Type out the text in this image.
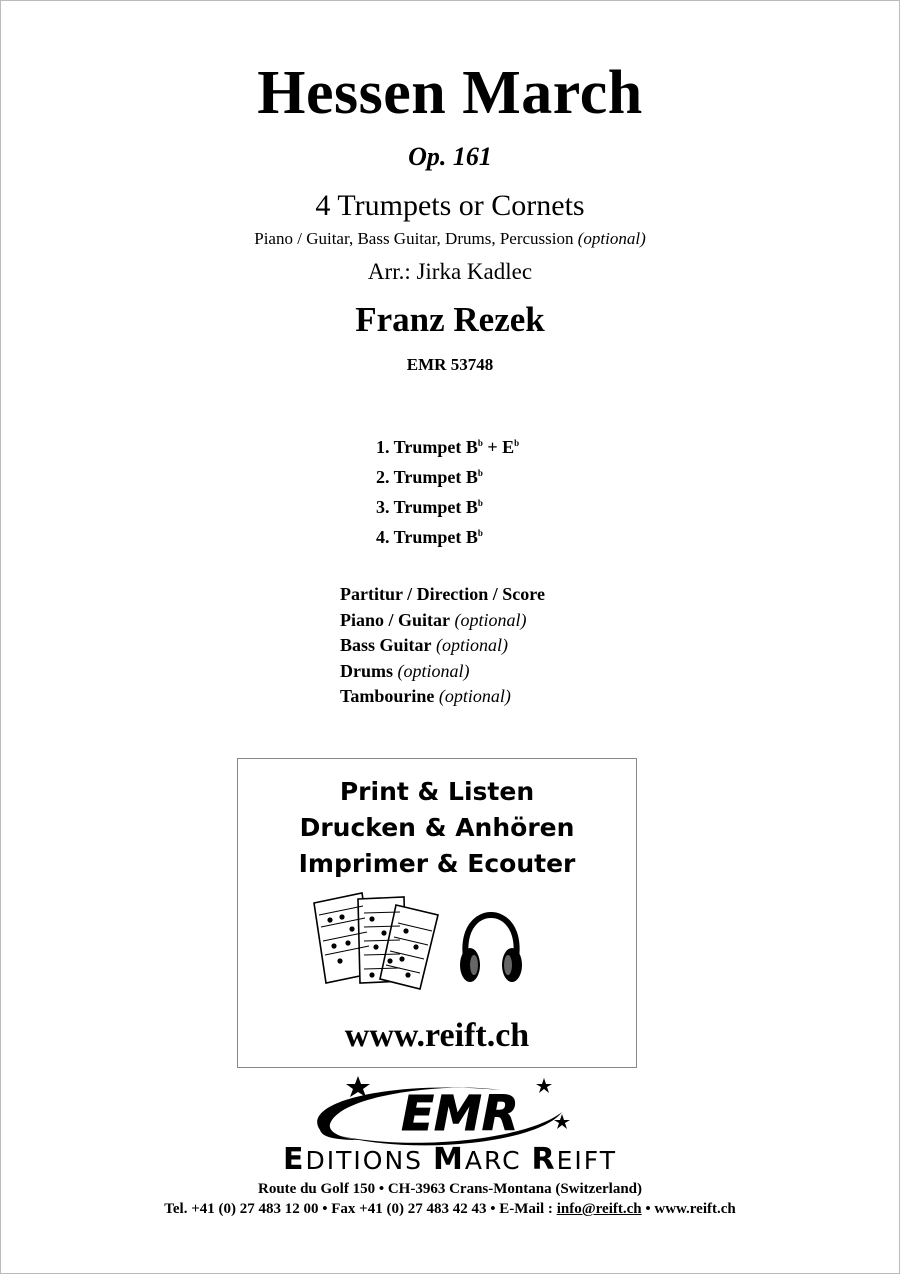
Hessen March
Op. 161
4 Trumpets or Cornets
Piano / Guitar, Bass Guitar, Drums, Percussion (optional)
Arr.: Jirka Kadlec
Franz Rezek
EMR 53748
1. Trumpet $B^b + E^b$
2. Trumpet $B^b$
3. Trumpet $B^b$
4. Trumpet $B^b$
Partitur / Direction / Score
Piano / Guitar (optional)
Bass Guitar (optional)
Drums (optional)
Tambourine (optional)
Print & Listen
Drucken & Anhören
Imprimer & Ecouter
www.reift.ch
EMR
EDITIONS MARC REIFT
Route du Golf 150 • CH-3963 Crans-Montana (Switzerland)
Tel. +41 (0) 27 483 12 00 • Fax +41 (0) 27 483 42 43 • E-Mail : info@reift.ch • www.reift.ch
